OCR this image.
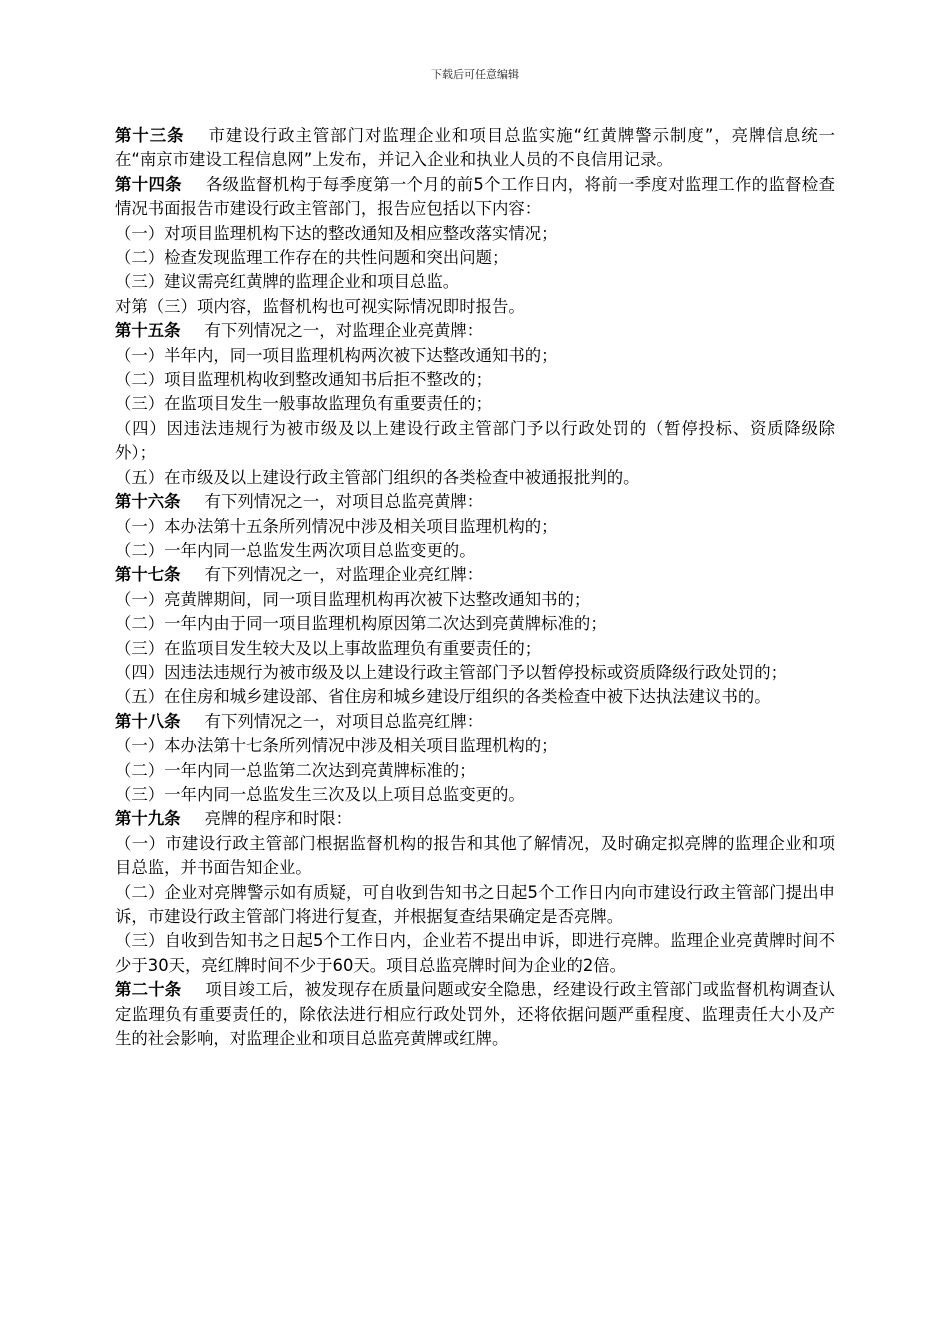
下载后可任意编辑

第十三条 市建设行政主管部门对监理企业和项目总监实施“红黄牌警示制度”，亮牌信息统一在“南京市建设工程信息网”上发布，并记入企业和执业人员的不良信用记录。

第十四条 各级监督机构于每季度第一个月的前5个工作日内，将前一季度对监理工作的监督检查情况书面报告市建设行政主管部门，报告应包括以下内容：

（一）对项目监理机构下达的整改通知及相应整改落实情况；

（二）检查发现监理工作存在的共性问题和突出问题；

（三）建议需亮红黄牌的监理企业和项目总监。

对第（三）项内容，监督机构也可视实际情况即时报告。

第十五条 有下列情况之一，对监理企业亮黄牌：

（一）半年内，同一项目监理机构两次被下达整改通知书的；

（二）项目监理机构收到整改通知书后拒不整改的；

（三）在监项目发生一般事故监理负有重要责任的；

（四）因违法违规行为被市级及以上建设行政主管部门予以行政处罚的（暂停投标、资质降级除外）；

（五）在市级及以上建设行政主管部门组织的各类检查中被通报批判的。

第十六条 有下列情况之一，对项目总监亮黄牌：

（一）本办法第十五条所列情况中涉及相关项目监理机构的；

（二）一年内同一总监发生两次项目总监变更的。

第十七条 有下列情况之一，对监理企业亮红牌：

（一）亮黄牌期间，同一项目监理机构再次被下达整改通知书的；

（二）一年内由于同一项目监理机构原因第二次达到亮黄牌标准的；

（三）在监项目发生较大及以上事故监理负有重要责任的；

（四）因违法违规行为被市级及以上建设行政主管部门予以暂停投标或资质降级行政处罚的；

（五）在住房和城乡建设部、省住房和城乡建设厅组织的各类检查中被下达执法建议书的。

第十八条 有下列情况之一，对项目总监亮红牌：

（一）本办法第十七条所列情况中涉及相关项目监理机构的；

（二）一年内同一总监第二次达到亮黄牌标准的；

（三）一年内同一总监发生三次及以上项目总监变更的。

第十九条 亮牌的程序和时限：

（一）市建设行政主管部门根据监督机构的报告和其他了解情况，及时确定拟亮牌的监理企业和项目总监，并书面告知企业。

（二）企业对亮牌警示如有质疑，可自收到告知书之日起5个工作日内向市建设行政主管部门提出申诉，市建设行政主管部门将进行复查，并根据复查结果确定是否亮牌。

（三）自收到告知书之日起5个工作日内，企业若不提出申诉，即进行亮牌。监理企业亮黄牌时间不少于30天，亮红牌时间不少于60天。项目总监亮牌时间为企业的2倍。

第二十条 项目竣工后，被发现存在质量问题或安全隐患，经建设行政主管部门或监督机构调查认定监理负有重要责任的，除依法进行相应行政处罚外，还将依据问题严重程度、监理责任大小及产生的社会影响，对监理企业和项目总监亮黄牌或红牌。
